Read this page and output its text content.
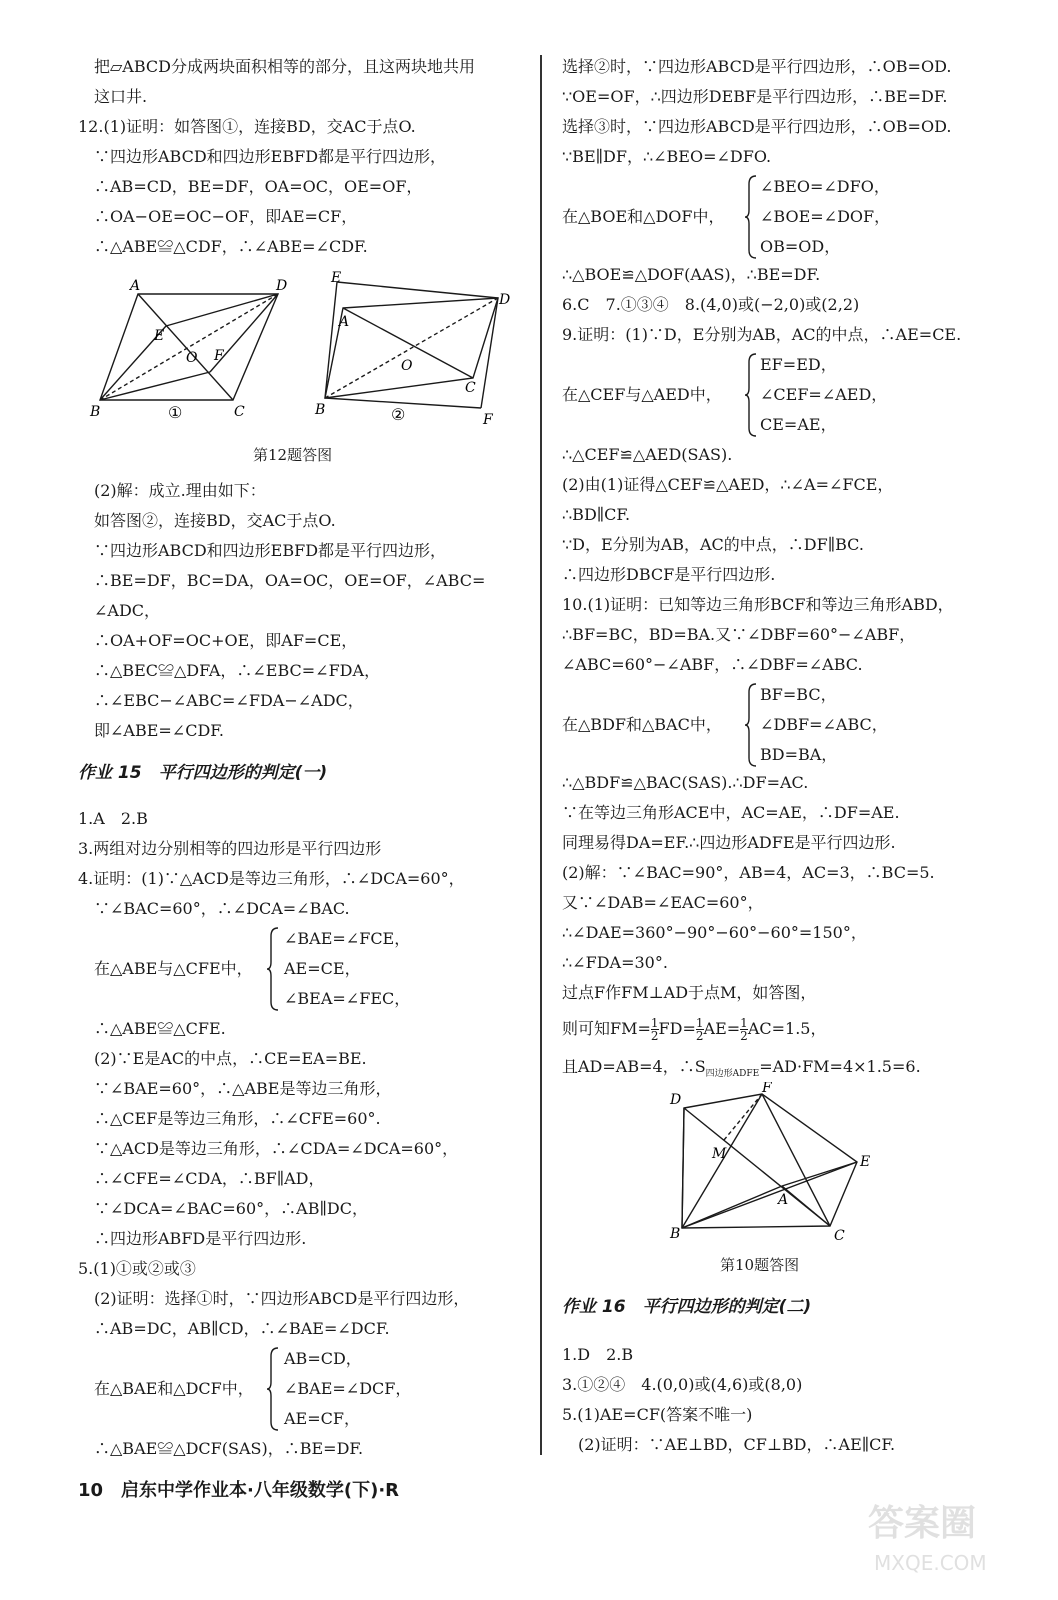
　把▱ABCD分成两块面积相等的部分，且这两块地共用
　这口井.
12.(1)证明：如答图①，连接BD，交AC于点O.
　∵四边形ABCD和四边形EBFD都是平行四边形，
　∴AB=CD，BE=DF，OA=OC，OE=OF，
　∴OA−OE=OC−OF，即AE=CF，
　∴△ABE≌△CDF，∴∠ABE=∠CDF.
A	D
E
O F
B	C
①
E
A
D
O
C
B
F
②
第12题答图
　(2)解：成立.理由如下：
　如答图②，连接BD，交AC于点O.
　∵四边形ABCD和四边形EBFD都是平行四边形，
　∴BE=DF，BC=DA，OA=OC，OE=OF，∠ABC=
　∠ADC，
　∴OA+OF=OC+OE，即AF=CE，
　∴△BEC≌△DFA，∴∠EBC=∠FDA，
　∴∠EBC−∠ABC=∠FDA−∠ADC，
　即∠ABE=∠CDF.
作业 15　平行四边形的判定(一)
1.A　2.B
3.两组对边分别相等的四边形是平行四边形
4.证明：(1)∵△ACD是等边三角形，∴∠DCA=60°，
　∵∠BAC=60°，∴∠DCA=∠BAC.
　在△ABE与△CFE中，
∠BAE=∠FCE，
AE=CE，
∠BEA=∠FEC，
　∴△ABE≌△CFE.
　(2)∵E是AC的中点，∴CE=EA=BE.
　∵∠BAE=60°，∴△ABE是等边三角形，
　∴△CEF是等边三角形，∴∠CFE=60°.
　∵△ACD是等边三角形，∴∠CDA=∠DCA=60°，
　∴∠CFE=∠CDA，∴BF∥AD，
　∵∠DCA=∠BAC=60°，∴AB∥DC，
　∴四边形ABFD是平行四边形.
5.(1)①或②或③
　(2)证明：选择①时，∵四边形ABCD是平行四边形，
　∴AB=DC，AB∥CD，∴∠BAE=∠DCF.
　在△BAE和△DCF中，
AB=CD，
∠BAE=∠DCF，
AE=CF，
　∴△BAE≌△DCF(SAS)，∴BE=DF.
选择②时，∵四边形ABCD是平行四边形，∴OB=OD.
∵OE=OF，∴四边形DEBF是平行四边形，∴BE=DF.
选择③时，∵四边形ABCD是平行四边形，∴OB=OD.
∵BE∥DF，∴∠BEO=∠DFO.
在△BOE和△DOF中，
∠BEO=∠DFO，
∠BOE=∠DOF，
OB=OD，
∴△BOE≌△DOF(AAS)，∴BE=DF.
6.C　7.①③④　8.(4,0)或(−2,0)或(2,2)
9.证明：(1)∵D，E分别为AB，AC的中点，∴AE=CE.
在△CEF与△AED中，
EF=ED，
∠CEF=∠AED，
CE=AE，
∴△CEF≌△AED(SAS).
(2)由(1)证得△CEF≌△AED，∴∠A=∠FCE，
∴BD∥CF.
∵D，E分别为AB，AC的中点，∴DF∥BC.
∴四边形DBCF是平行四边形.
10.(1)证明：已知等边三角形BCF和等边三角形ABD，
∴BF=BC，BD=BA.又∵∠DBF=60°−∠ABF，
∠ABC=60°−∠ABF，∴∠DBF=∠ABC.
在△BDF和△BAC中，
BF=BC，
∠DBF=∠ABC，
BD=BA，
∴△BDF≌△BAC(SAS).∴DF=AC.
∵在等边三角形ACE中，AC=AE，∴DF=AE.
同理易得DA=EF.∴四边形ADFE是平行四边形.
(2)解：∵∠BAC=90°，AB=4，AC=3，∴BC=5.
又∵∠DAB=∠EAC=60°，
∴∠DAE=360°−90°−60°−60°=150°，
∴∠FDA=30°.
过点F作FM⊥AD于点M，如答图，
则可知$FM= \frac{1}{2} FD= \frac{1}{2} AE= \frac{1}{2} AC=1.5$，
且AD=AB=4，$\therefore S_{四边形ADFE}=AD\cdot FM=4\times 1.5=6$.
D
F
M	E
A
B	C
第10题答图
作业 16　平行四边形的判定(二)
1.D　2.B
3.①②④　4.(0,0)或(4,6)或(8,0)
5.(1)AE=CF(答案不唯一)
　(2)证明：∵AE⊥BD，CF⊥BD，∴AE∥CF.
10　启东中学作业本·八年级数学(下)·R
答案圈
MXQE.COM
